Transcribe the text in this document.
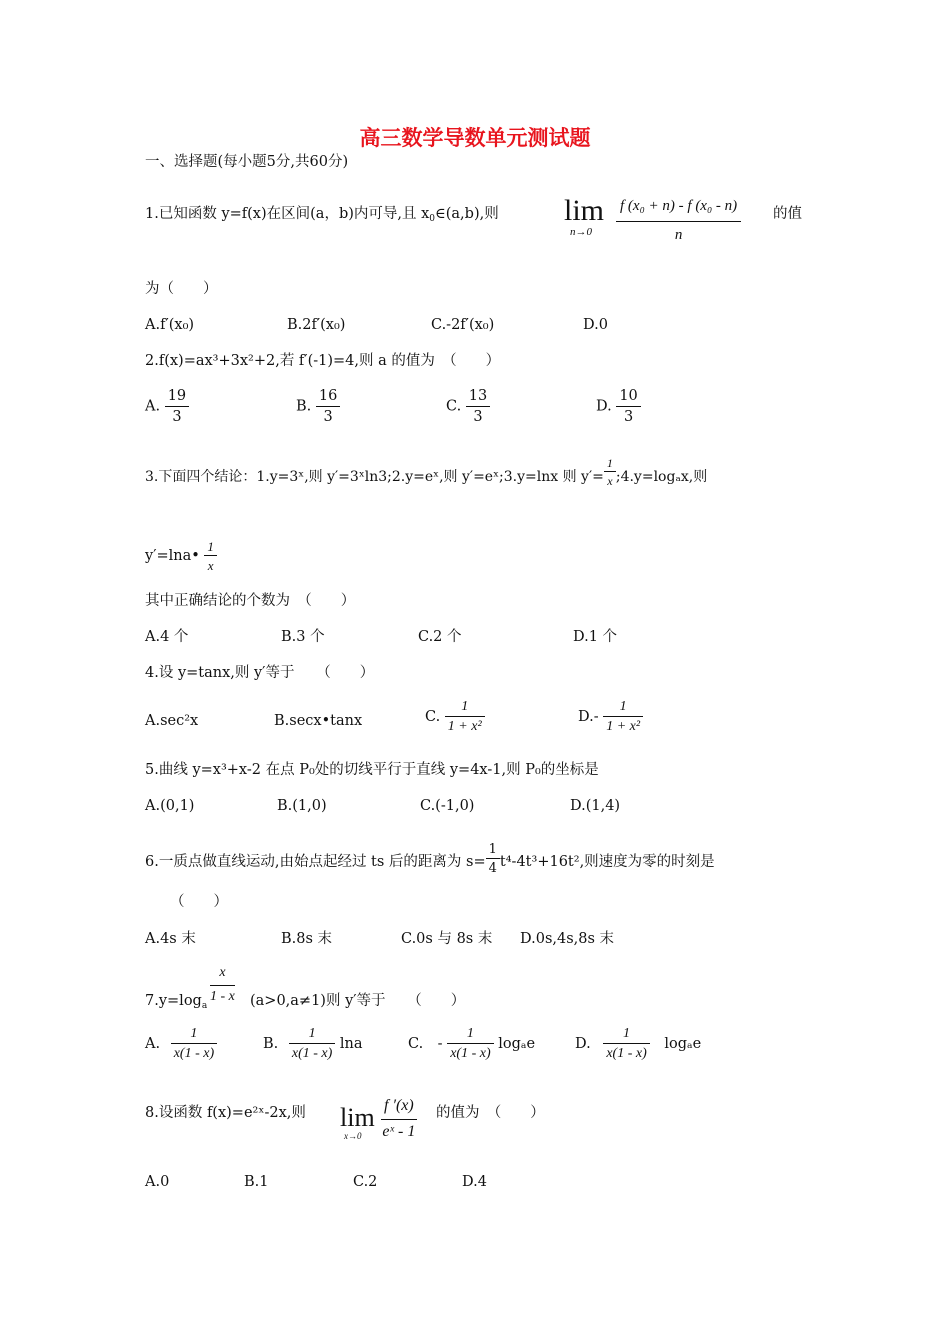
高三数学导数单元测试题
一、选择题(每小题5分,共60分)
1.已知函数 y=f(x)在区间(a，b)内可导,且 $x_0\in(a,b)$,则 lim
n→0
f (x₀ + n) - f (x₀ - n)
n
的值
为（　　）
A.f′(x₀)	B.2f′(x₀)	C.-2f′(x₀)	D.0
2.f(x)=ax³+3x²+2,若 f′(-1)=4,则 a 的值为　（　　）
A. $\frac{19}{3}$	B. $\frac{16}{3}$	C. $\frac{13}{3}$	D. $\frac{10}{3}$
3.下面四个结论：1.y=3ˣ,则 y′=3ˣln3;2.y=eˣ,则 y′=eˣ;3.y=lnx 则 $y'= \frac{1}{x}$ ;4.y=logₐx,则
y′=lna• $\frac{1}{x}$
其中正确结论的个数为　（　　）
A.4 个	B.3 个	C.2 个	D.1 个
4.设 y=tanx,则 y′等于　　（　　）
A.sec²x	B.secx•tanx	C. $\frac{1}{\text{1 + x²}}$	$D.- \frac{1}{\text{1 + x²}}$
5.曲线 y=x³+x-2 在点 P₀处的切线平行于直线 y=4x-1,则 P₀的坐标是
A.(0,1)	B.(1,0)	C.(-1,0)	D.(1,4)
6.一质点做直线运动,由始点起经过 ts 后的距离为 $s= \frac{1}{4} t^4-4t^3+16t^2$,则速度为零的时刻是
（　　）
A.4s 末	B.8s 末	C.0s 与 8s 末 D.0s,4s,8s 末
$7.y=\log_a$
x
1 - x (a>0,a≠1)则 y′等于　　（　　）
A. $\frac{1}{x(1 - x)}$	B. $\frac{1}{x(1 - x)}$ lna	C.　- $\frac{1}{x(1 - x)}$ logₐe	D. $\frac{1}{x(1 - x)}$ logₐe
8.设函数 f(x)=e²ˣ-2x,则 lim
x→0
f ′(x)
eˣ - 1
的值为　（　　）
A.0	B.1	C.2	D.4
